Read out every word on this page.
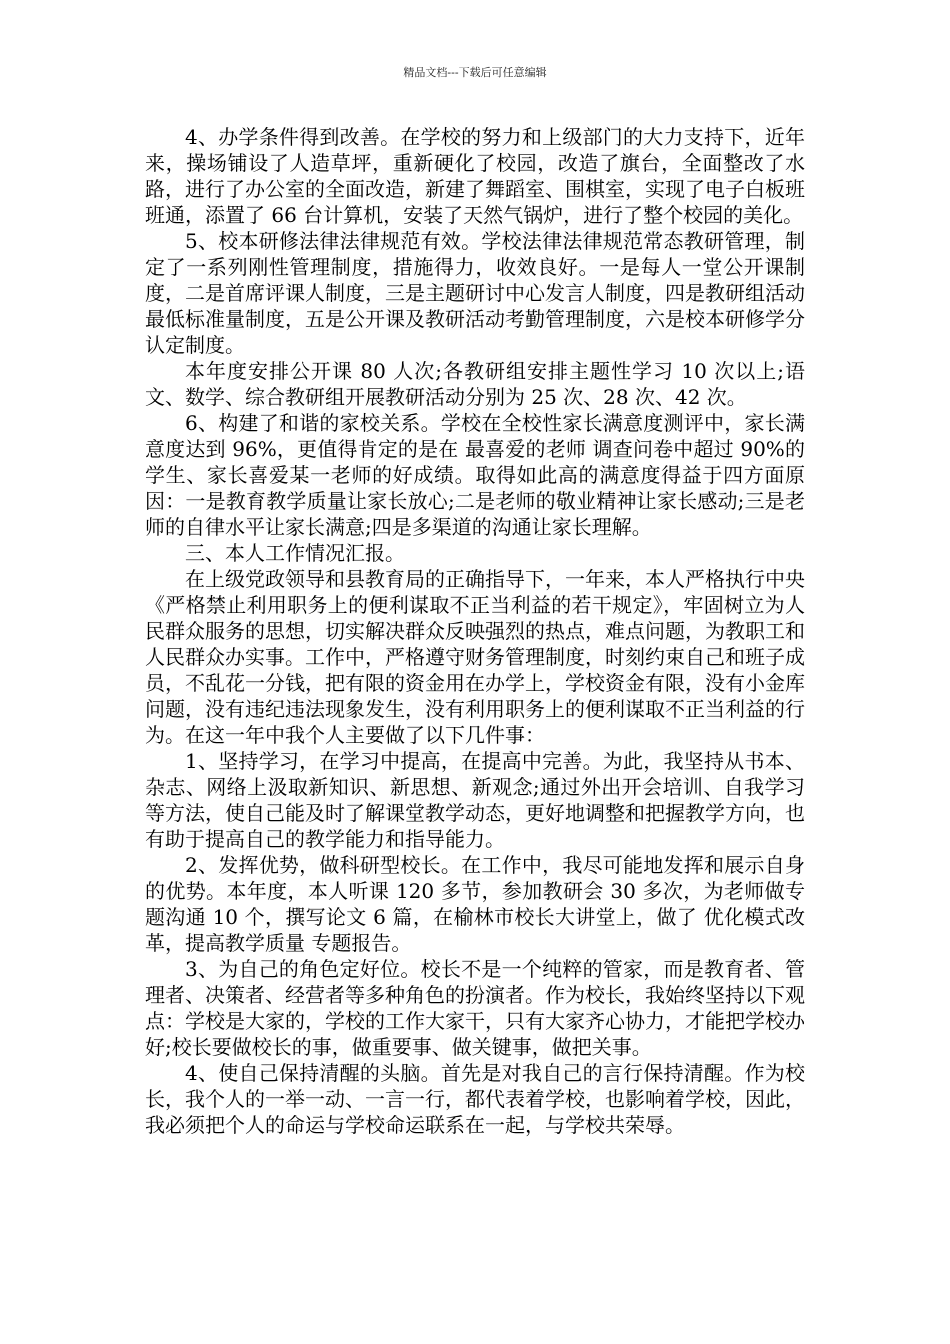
精品文档---下载后可任意编辑

4、办学条件得到改善。在学校的努力和上级部门的大力支持下，近年来，操场铺设了人造草坪，重新硬化了校园，改造了旗台，全面整改了水路，进行了办公室的全面改造，新建了舞蹈室、围棋室，实现了电子白板班班通，添置了 66 台计算机，安装了天然气锅炉，进行了整个校园的美化。

5、校本研修法律法律规范有效。学校法律法律规范常态教研管理，制定了一系列刚性管理制度，措施得力，收效良好。一是每人一堂公开课制度，二是首席评课人制度，三是主题研讨中心发言人制度，四是教研组活动最低标准量制度，五是公开课及教研活动考勤管理制度，六是校本研修学分认定制度。

本年度安排公开课 80 人次;各教研组安排主题性学习 10 次以上;语文、数学、综合教研组开展教研活动分别为 25 次、28 次、42 次。

6、构建了和谐的家校关系。学校在全校性家长满意度测评中，家长满意度达到 96%，更值得肯定的是在 最喜爱的老师 调查问卷中超过 90%的学生、家长喜爱某一老师的好成绩。取得如此高的满意度得益于四方面原因：一是教育教学质量让家长放心;二是老师的敬业精神让家长感动;三是老师的自律水平让家长满意;四是多渠道的沟通让家长理解。

三、本人工作情况汇报。

在上级党政领导和县教育局的正确指导下，一年来，本人严格执行中央《严格禁止利用职务上的便利谋取不正当利益的若干规定》，牢固树立为人民群众服务的思想，切实解决群众反映强烈的热点，难点问题，为教职工和人民群众办实事。工作中，严格遵守财务管理制度，时刻约束自己和班子成员，不乱花一分钱，把有限的资金用在办学上，学校资金有限，没有小金库问题，没有违纪违法现象发生，没有利用职务上的便利谋取不正当利益的行为。在这一年中我个人主要做了以下几件事：

1、坚持学习，在学习中提高，在提高中完善。为此，我坚持从书本、杂志、网络上汲取新知识、新思想、新观念;通过外出开会培训、自我学习等方法，使自己能及时了解课堂教学动态，更好地调整和把握教学方向，也有助于提高自己的教学能力和指导能力。

2、发挥优势，做科研型校长。在工作中，我尽可能地发挥和展示自身的优势。本年度，本人听课 120 多节，参加教研会 30 多次，为老师做专题沟通 10 个，撰写论文 6 篇，在榆林市校长大讲堂上，做了 优化模式改革，提高教学质量 专题报告。

3、为自己的角色定好位。校长不是一个纯粹的管家，而是教育者、管理者、决策者、经营者等多种角色的扮演者。作为校长，我始终坚持以下观点：学校是大家的，学校的工作大家干，只有大家齐心协力，才能把学校办好;校长要做校长的事，做重要事、做关键事，做把关事。

4、使自己保持清醒的头脑。首先是对我自己的言行保持清醒。作为校长，我个人的一举一动、一言一行，都代表着学校，也影响着学校，因此，我必须把个人的命运与学校命运联系在一起，与学校共荣辱。
